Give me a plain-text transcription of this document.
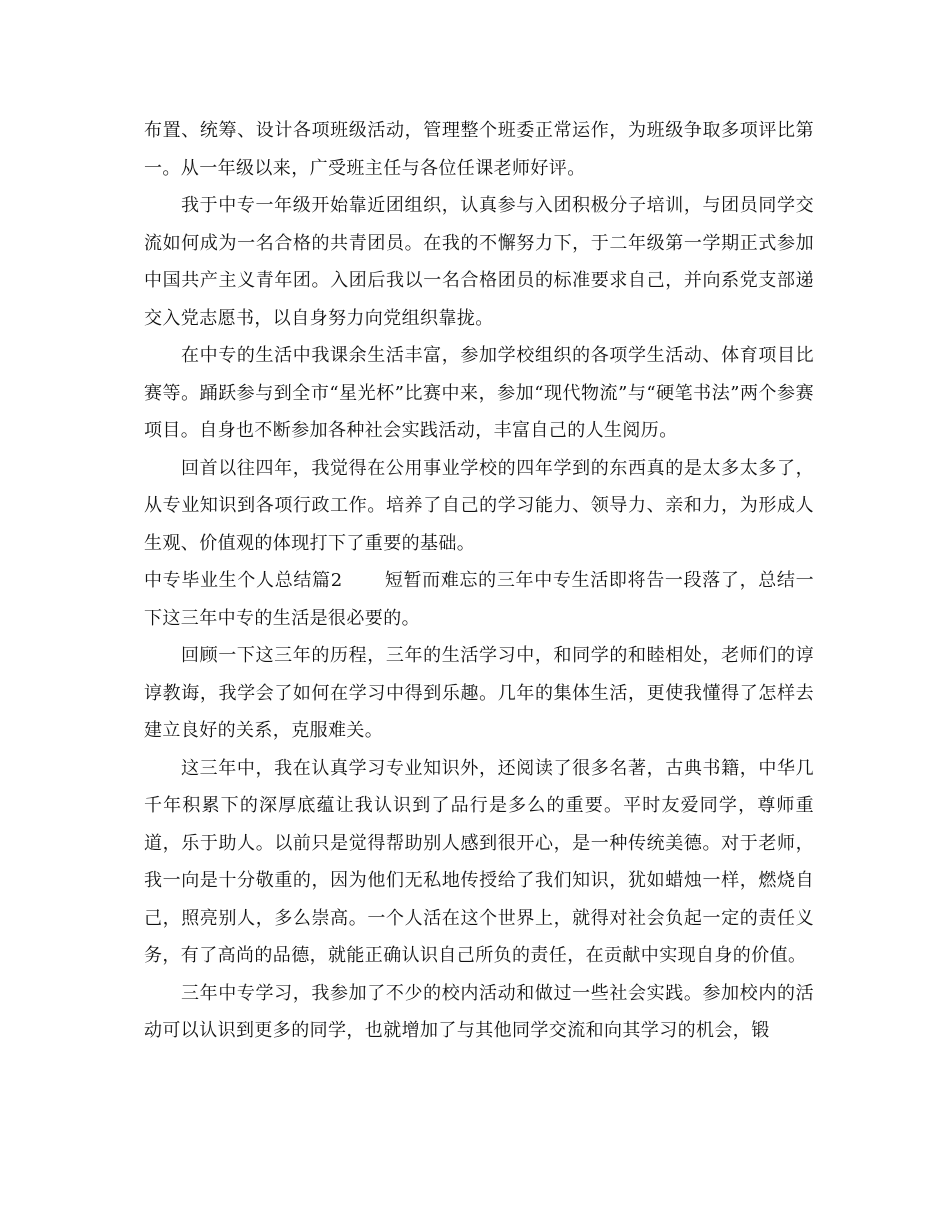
布置、统筹、设计各项班级活动，管理整个班委正常运作，为班级争取多项评比第一。从一年级以来，广受班主任与各位任课老师好评。

我于中专一年级开始靠近团组织，认真参与入团积极分子培训，与团员同学交流如何成为一名合格的共青团员。在我的不懈努力下，于二年级第一学期正式参加中国共产主义青年团。入团后我以一名合格团员的标准要求自己，并向系党支部递交入党志愿书，以自身努力向党组织靠拢。

在中专的生活中我课余生活丰富，参加学校组织的各项学生活动、体育项目比赛等。踊跃参与到全市“星光杯”比赛中来，参加“现代物流”与“硬笔书法”两个参赛项目。自身也不断参加各种社会实践活动，丰富自己的人生阅历。

回首以往四年，我觉得在公用事业学校的四年学到的东西真的是太多太多了，从专业知识到各项行政工作。培养了自己的学习能力、领导力、亲和力，为形成人生观、价值观的体现打下了重要的基础。

中专毕业生个人总结篇2 短暂而难忘的三年中专生活即将告一段落了，总结一下这三年中专的生活是很必要的。

回顾一下这三年的历程，三年的生活学习中，和同学的和睦相处，老师们的谆谆教诲，我学会了如何在学习中得到乐趣。几年的集体生活，更使我懂得了怎样去建立良好的关系，克服难关。

这三年中，我在认真学习专业知识外，还阅读了很多名著，古典书籍，中华几千年积累下的深厚底蕴让我认识到了品行是多么的重要。平时友爱同学，尊师重道，乐于助人。以前只是觉得帮助别人感到很开心，是一种传统美德。对于老师，我一向是十分敬重的，因为他们无私地传授给了我们知识，犹如蜡烛一样，燃烧自己，照亮别人，多么崇高。一个人活在这个世界上，就得对社会负起一定的责任义务，有了高尚的品德，就能正确认识自己所负的责任，在贡献中实现自身的价值。

三年中专学习，我参加了不少的校内活动和做过一些社会实践。参加校内的活动可以认识到更多的同学，也就增加了与其他同学交流和向其学习的机会，锻
